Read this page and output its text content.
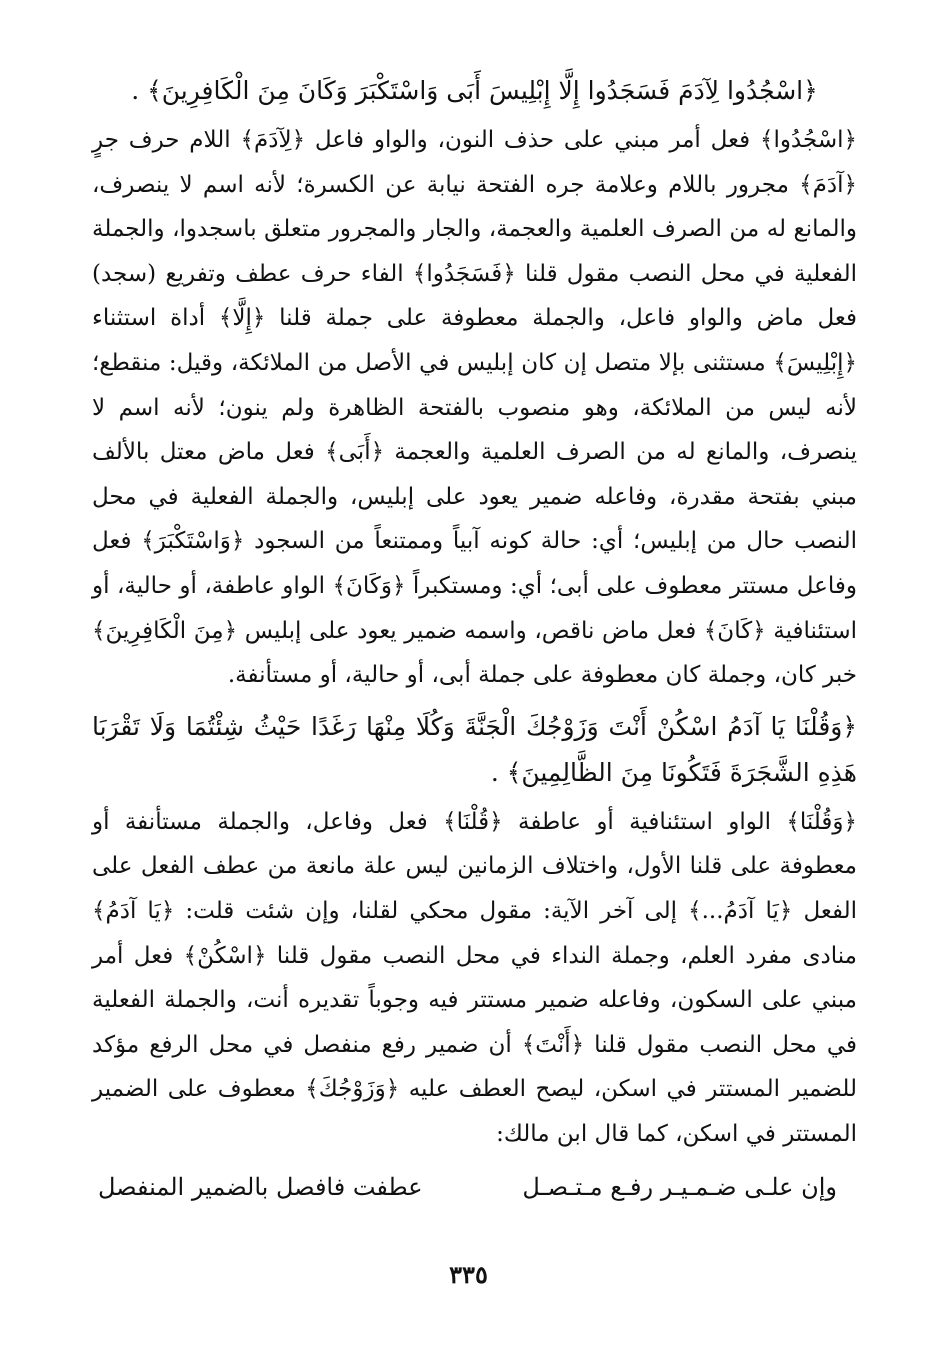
﴿اسْجُدُوا لِآدَمَ فَسَجَدُوا إِلَّا إِبْلِيسَ أَبَى وَاسْتَكْبَرَ وَكَانَ مِنَ الْكَافِرِينَ﴾ .

﴿اسْجُدُوا﴾ فعل أمر مبني على حذف النون، والواو فاعل ﴿لِآدَمَ﴾ اللام حرف جرٍ ﴿آدَمَ﴾ مجرور باللام وعلامة جره الفتحة نيابة عن الكسرة؛ لأنه اسم لا ينصرف، والمانع له من الصرف العلمية والعجمة، والجار والمجرور متعلق باسجدوا، والجملة الفعلية في محل النصب مقول قلنا ﴿فَسَجَدُوا﴾ الفاء حرف عطف وتفريع (سجد) فعل ماض والواو فاعل، والجملة معطوفة على جملة قلنا ﴿إِلَّا﴾ أداة استثناء ﴿إِبْلِيسَ﴾ مستثنى بإلا متصل إن كان إبليس في الأصل من الملائكة، وقيل: منقطع؛ لأنه ليس من الملائكة، وهو منصوب بالفتحة الظاهرة ولم ينون؛ لأنه اسم لا ينصرف، والمانع له من الصرف العلمية والعجمة ﴿أَبَى﴾ فعل ماض معتل بالألف مبني بفتحة مقدرة، وفاعله ضمير يعود على إبليس، والجملة الفعلية في محل النصب حال من إبليس؛ أي: حالة كونه آبياً وممتنعاً من السجود ﴿وَاسْتَكْبَرَ﴾ فعل وفاعل مستتر معطوف على أبى؛ أي: ومستكبراً ﴿وَكَانَ﴾ الواو عاطفة، أو حالية، أو استئنافية ﴿كَانَ﴾ فعل ماض ناقص، واسمه ضمير يعود على إبليس ﴿مِنَ الْكَافِرِينَ﴾ خبر كان، وجملة كان معطوفة على جملة أبى، أو حالية، أو مستأنفة.

﴿وَقُلْنَا يَا آدَمُ اسْكُنْ أَنْتَ وَزَوْجُكَ الْجَنَّةَ وَكُلَا مِنْهَا رَغَدًا حَيْثُ شِئْتُمَا وَلَا تَقْرَبَا هَذِهِ الشَّجَرَةَ فَتَكُونَا مِنَ الظَّالِمِينَ﴾ .

﴿وَقُلْنَا﴾ الواو استئنافية أو عاطفة ﴿قُلْنَا﴾ فعل وفاعل، والجملة مستأنفة أو معطوفة على قلنا الأول، واختلاف الزمانين ليس علة مانعة من عطف الفعل على الفعل ﴿يَا آدَمُ...﴾ إلى آخر الآية: مقول محكي لقلنا، وإن شئت قلت: ﴿يَا آدَمُ﴾ منادى مفرد العلم، وجملة النداء في محل النصب مقول قلنا ﴿اسْكُنْ﴾ فعل أمر مبني على السكون، وفاعله ضمير مستتر فيه وجوباً تقديره أنت، والجملة الفعلية في محل النصب مقول قلنا ﴿أَنْتَ﴾ أن ضمير رفع منفصل في محل الرفع مؤكد للضمير المستتر في اسكن، ليصح العطف عليه ﴿وَزَوْجُكَ﴾ معطوف على الضمير المستتر في اسكن، كما قال ابن مالك:

وإن علـى ضـمـيـر رفـع مـتـصـل
عطفت فافصل بالضمير المنفصل
٣٣٥
